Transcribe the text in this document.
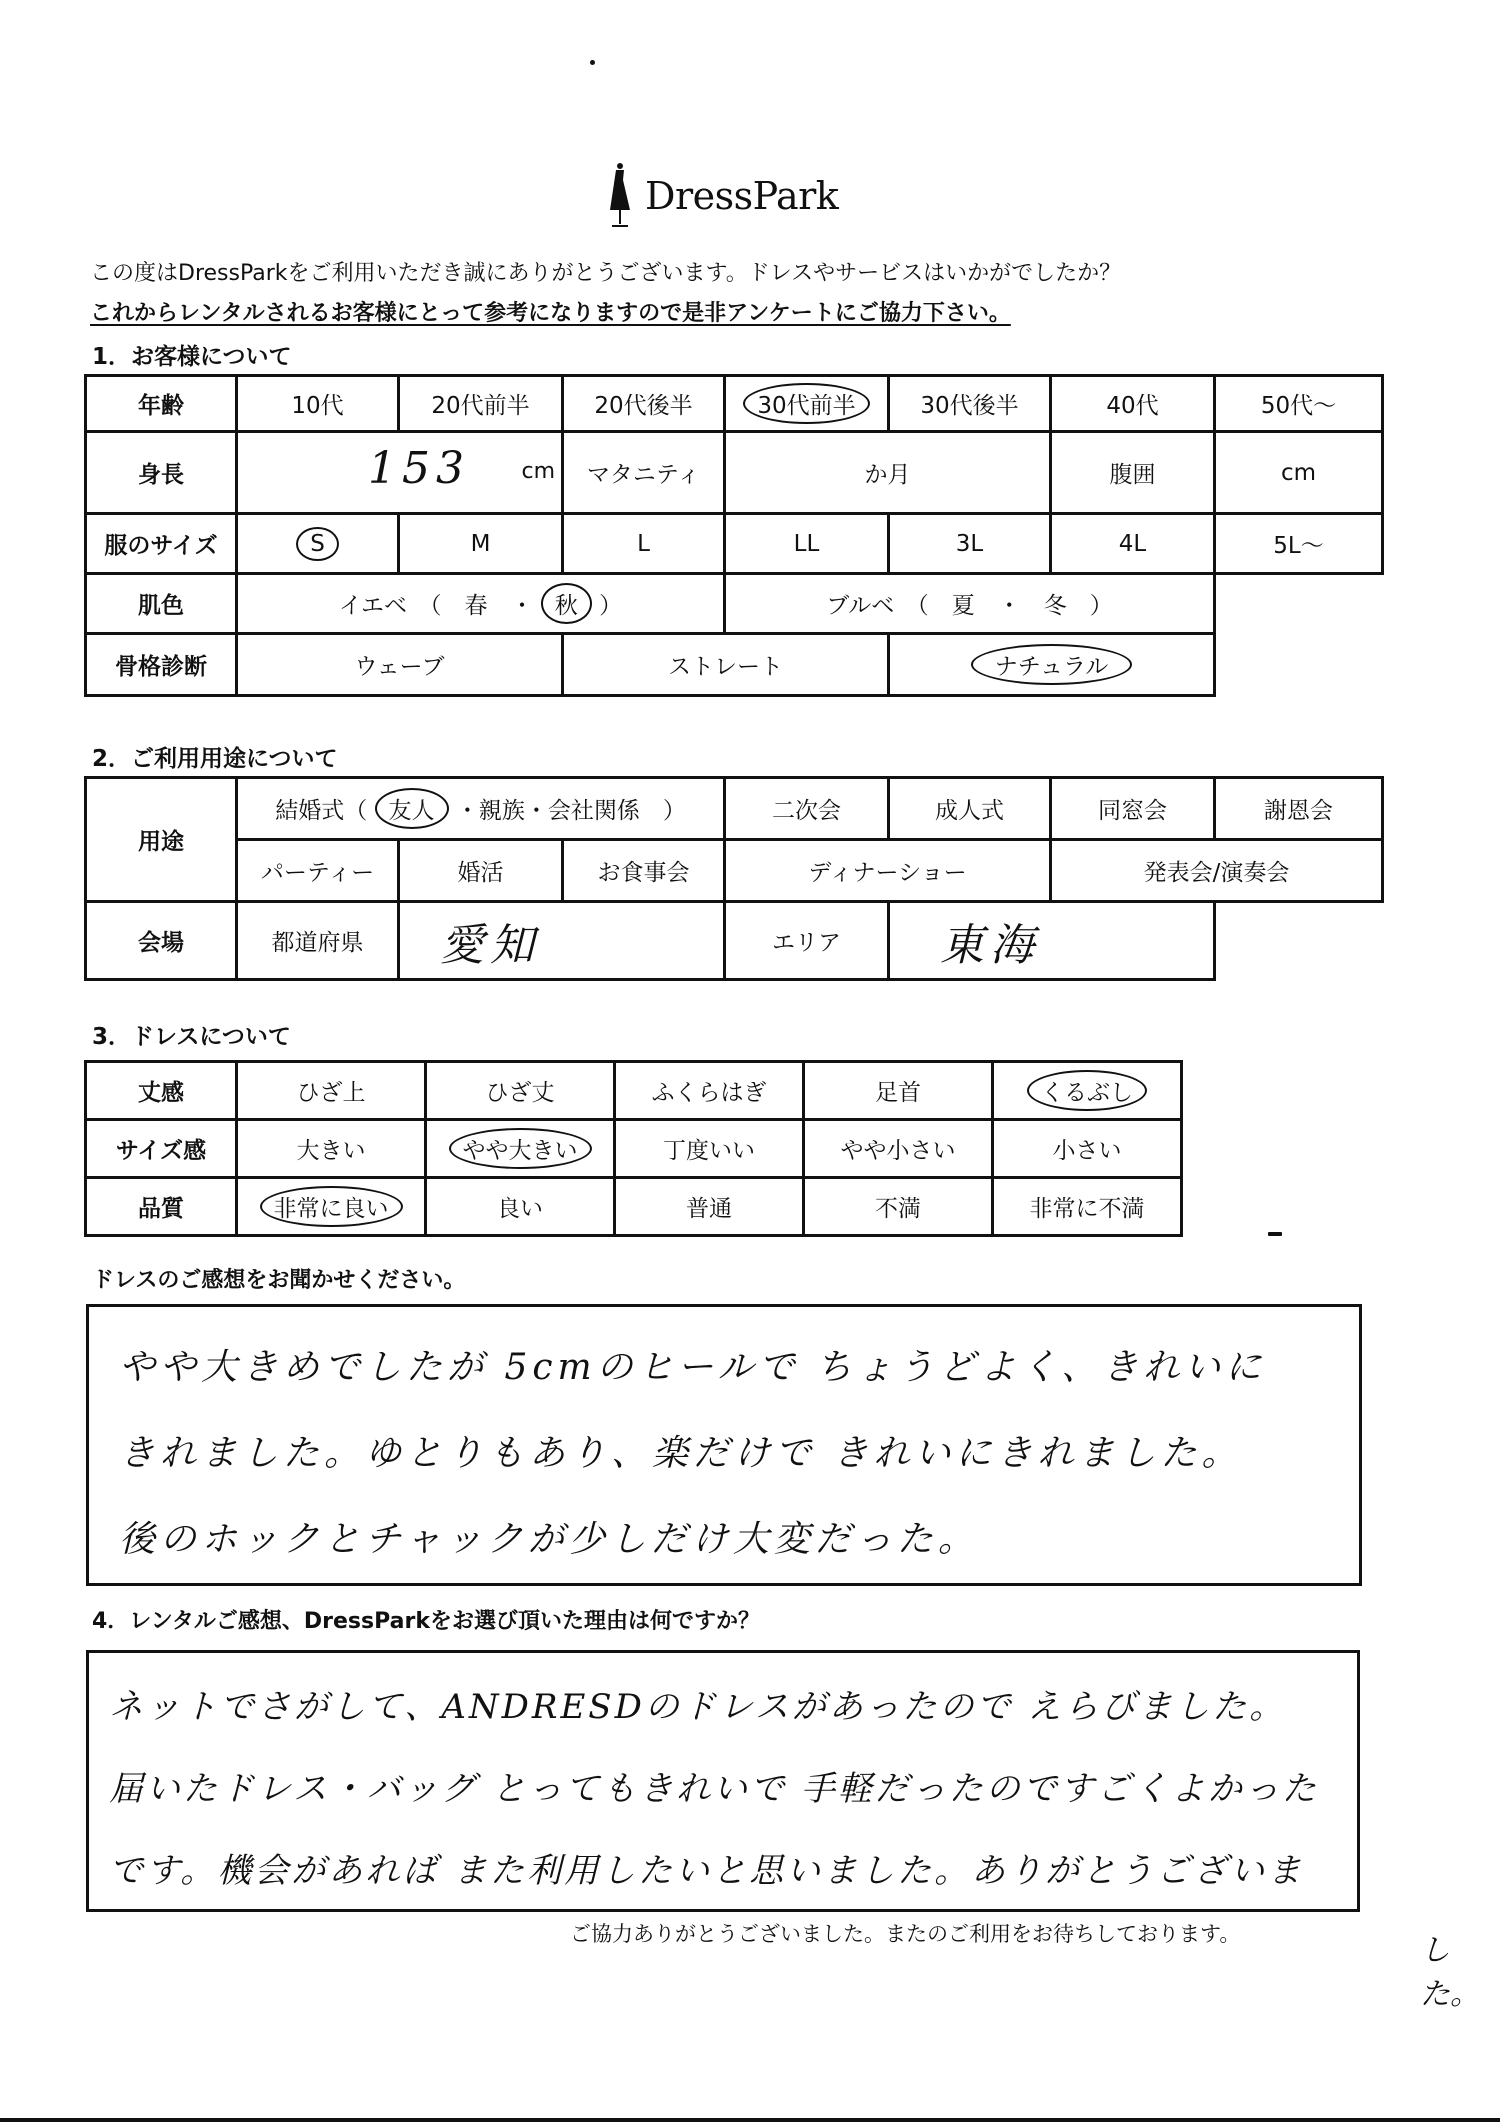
DressPark
この度はDressParkをご利用いただき誠にありがとうございます。ドレスやサービスはいかがでしたか？
これからレンタルされるお客様にとって参考になりますので是非アンケートにご協力下さい。
1．お客様について
年齢	10代	20代前半	20代後半	30代前半	30代後半	40代	50代〜
身長	153 cm		マタニティ	か月		腹囲	cm
服のサイズ	S	M	L	LL	3L	4L	5L〜
肌色	イエベ　（　春　・ 秋 ）			ブルベ　（　夏　・　冬　）			
骨格診断	ウェーブ		ストレート		ナチュラル		
2．ご利用用途について
用途	結婚式（ 友人 ・親族・会社関係　）			二次会	成人式	同窓会	謝恩会
	パーティー	婚活	お食事会	ディナーショー		発表会/演奏会	
会場	都道府県	愛知		エリア	東海		
3．ドレスについて
丈感	ひざ上	ひざ丈	ふくらはぎ	足首	くるぶし
サイズ感	大きい	やや大きい	丁度いい	やや小さい	小さい
品質	非常に良い	良い	普通	不満	非常に不満
ドレスのご感想をお聞かせください。
やや大きめでしたが 5cmのヒールで ちょうどよく、きれいに
きれました。ゆとりもあり、楽だけで きれいにきれました。
後のホックとチャックが少しだけ大変だった。
4．レンタルご感想、DressParkをお選び頂いた理由は何ですか？
ネットでさがして、ANDRESDのドレスがあったので えらびました。
届いたドレス・バッグ とってもきれいで 手軽だったのですごくよかった
です。機会があれば また利用したいと思いました。ありがとうございま
ご協力ありがとうございました。またのご利用をお待ちしております。	した。
